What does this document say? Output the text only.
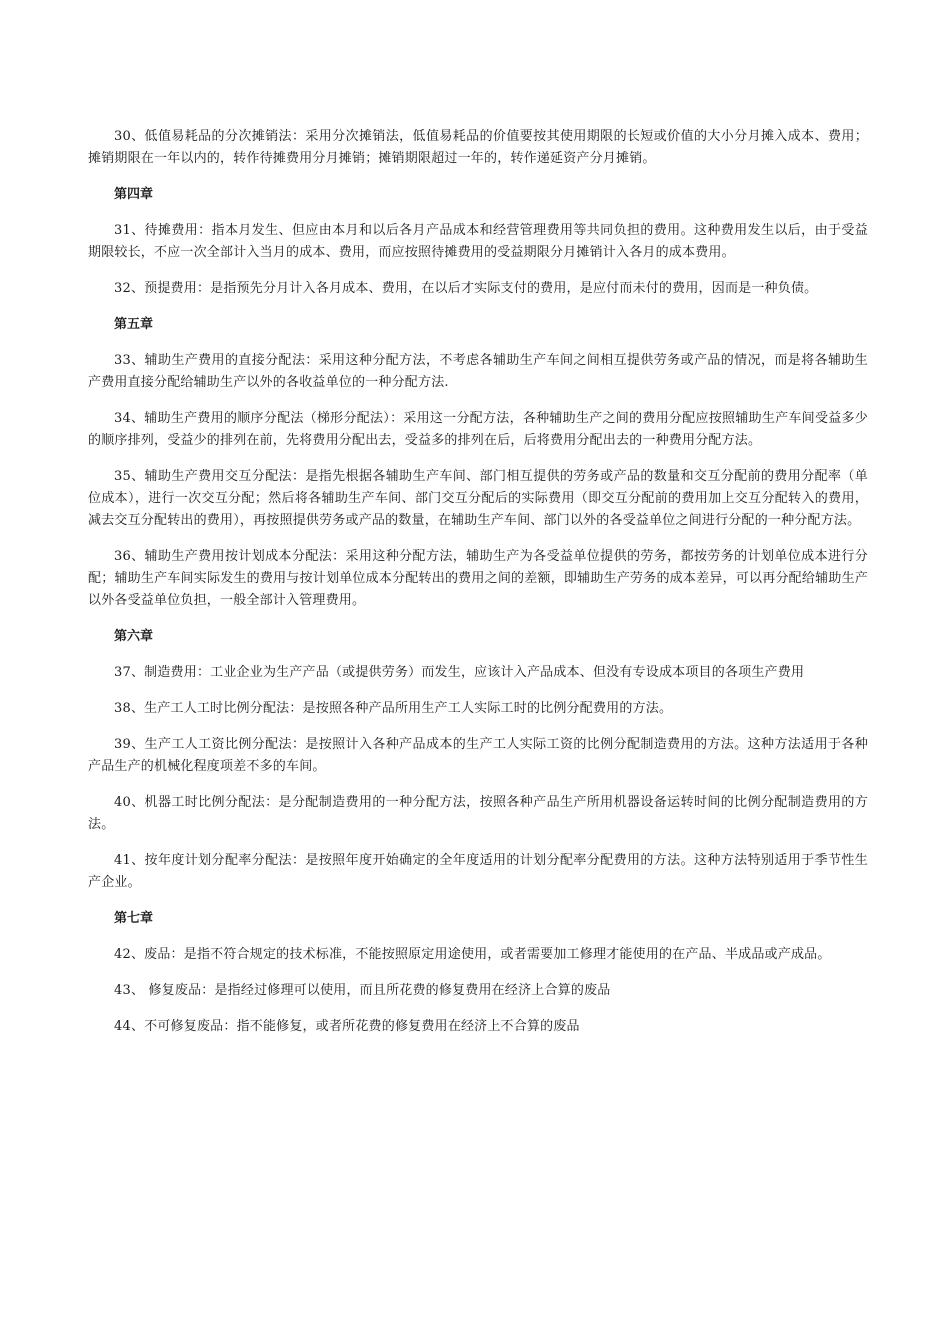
30、低值易耗品的分次摊销法：采用分次摊销法，低值易耗品的价值要按其使用期限的长短或价值的大小分月摊入成本、费用；摊销期限在一年以内的，转作待摊费用分月摊销；摊销期限超过一年的，转作递延资产分月摊销。

第四章

31、待摊费用：指本月发生、但应由本月和以后各月产品成本和经营管理费用等共同负担的费用。这种费用发生以后，由于受益期限较长，不应一次全部计入当月的成本、费用，而应按照待摊费用的受益期限分月摊销计入各月的成本费用。

32、预提费用：是指预先分月计入各月成本、费用，在以后才实际支付的费用，是应付而未付的费用，因而是一种负债。

第五章

33、辅助生产费用的直接分配法：采用这种分配方法，不考虑各辅助生产车间之间相互提供劳务或产品的情况，而是将各辅助生产费用直接分配给辅助生产以外的各收益单位的一种分配方法.

34、辅助生产费用的顺序分配法（梯形分配法）：采用这一分配方法，各种辅助生产之间的费用分配应按照辅助生产车间受益多少的顺序排列，受益少的排列在前，先将费用分配出去，受益多的排列在后，后将费用分配出去的一种费用分配方法。

35、辅助生产费用交互分配法：是指先根据各辅助生产车间、部门相互提供的劳务或产品的数量和交互分配前的费用分配率（单位成本），进行一次交互分配；然后将各辅助生产车间、部门交互分配后的实际费用（即交互分配前的费用加上交互分配转入的费用，减去交互分配转出的费用），再按照提供劳务或产品的数量，在辅助生产车间、部门以外的各受益单位之间进行分配的一种分配方法。

36、辅助生产费用按计划成本分配法：采用这种分配方法，辅助生产为各受益单位提供的劳务，都按劳务的计划单位成本进行分配；辅助生产车间实际发生的费用与按计划单位成本分配转出的费用之间的差额，即辅助生产劳务的成本差异，可以再分配给辅助生产以外各受益单位负担，一般全部计入管理费用。

第六章

37、制造费用：工业企业为生产产品（或提供劳务）而发生，应该计入产品成本、但没有专设成本项目的各项生产费用

38、生产工人工时比例分配法：是按照各种产品所用生产工人实际工时的比例分配费用的方法。

39、生产工人工资比例分配法：是按照计入各种产品成本的生产工人实际工资的比例分配制造费用的方法。这种方法适用于各种产品生产的机械化程度项差不多的车间。

40、机器工时比例分配法：是分配制造费用的一种分配方法，按照各种产品生产所用机器设备运转时间的比例分配制造费用的方法。

41、按年度计划分配率分配法：是按照年度开始确定的全年度适用的计划分配率分配费用的方法。这种方法特别适用于季节性生产企业。

第七章

42、废品：是指不符合规定的技术标准，不能按照原定用途使用，或者需要加工修理才能使用的在产品、半成品或产成品。

43、 修复废品：是指经过修理可以使用，而且所花费的修复费用在经济上合算的废品

44、不可修复废品：指不能修复，或者所花费的修复费用在经济上不合算的废品
